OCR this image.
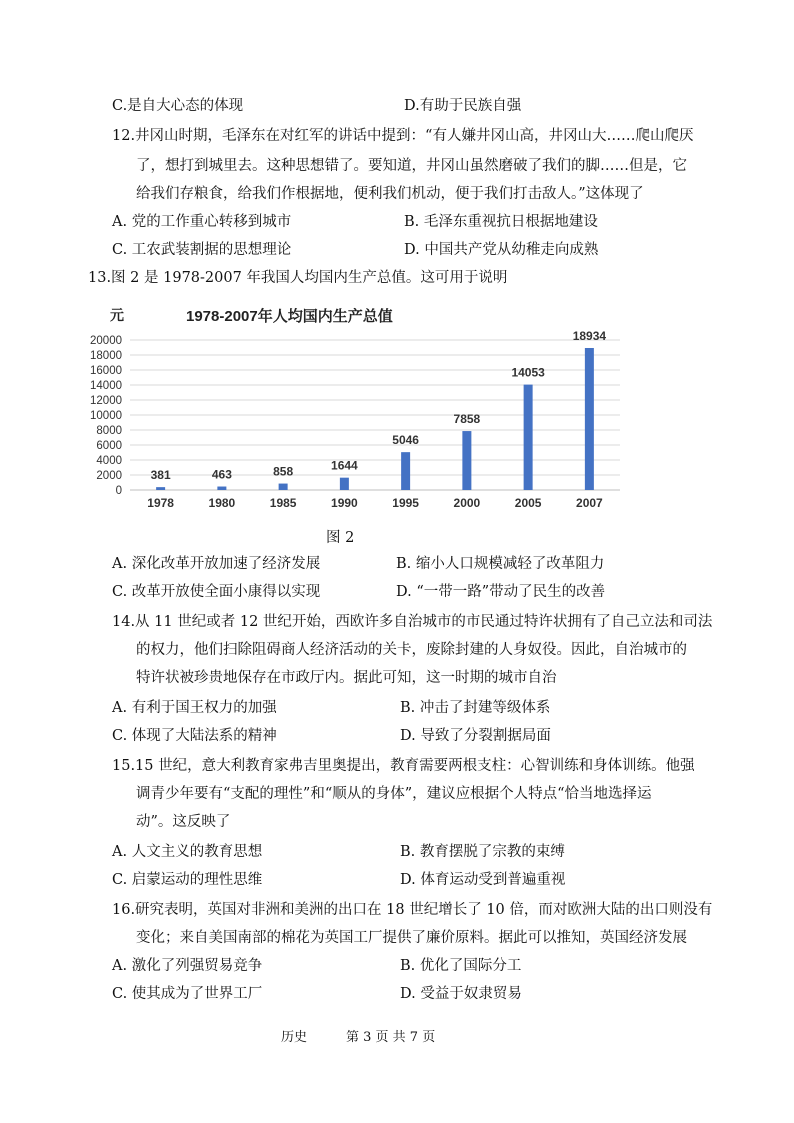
C.是自大心态的体现	D.有助于民族自强
12.井冈山时期，毛泽东在对红军的讲话中提到：“有人嫌井冈山高，井冈山大……爬山爬厌
了，想打到城里去。这种思想错了。要知道，井冈山虽然磨破了我们的脚……但是，它
给我们存粮食，给我们作根据地，便利我们机动，便于我们打击敌人。”这体现了
A. 党的工作重心转移到城市	B. 毛泽东重视抗日根据地建设
C. 工农武装割据的思想理论	D. 中国共产党从幼稚走向成熟
13.图 2 是 1978-2007 年我国人均国内生产总值。这可用于说明
元	1978-2007年人均国内生产总值
0
2000
4000
6000
8000
10000
12000
14000
16000
18000
20000
381
1978
463
1980
858
1985
1644
1990
5046
1995
7858
2000
14053
2005
18934
2007
图 2
A. 深化改革开放加速了经济发展	B. 缩小人口规模减轻了改革阻力
C. 改革开放使全面小康得以实现	D. “一带一路”带动了民生的改善
14.从 11 世纪或者 12 世纪开始，西欧许多自治城市的市民通过特许状拥有了自己立法和司法
的权力，他们扫除阻碍商人经济活动的关卡，废除封建的人身奴役。因此，自治城市的
特许状被珍贵地保存在市政厅内。据此可知，这一时期的城市自治
A. 有利于国王权力的加强	B. 冲击了封建等级体系
C. 体现了大陆法系的精神	D. 导致了分裂割据局面
15.15 世纪，意大利教育家弗吉里奥提出，教育需要两根支柱：心智训练和身体训练。他强
调青少年要有“支配的理性”和“顺从的身体”，建议应根据个人特点“恰当地选择运
动”。这反映了
A. 人文主义的教育思想	B. 教育摆脱了宗教的束缚
C. 启蒙运动的理性思维	D. 体育运动受到普遍重视
16.研究表明，英国对非洲和美洲的出口在 18 世纪增长了 10 倍，而对欧洲大陆的出口则没有
变化；来自美国南部的棉花为英国工厂提供了廉价原料。据此可以推知，英国经济发展
A. 激化了列强贸易竞争	B. 优化了国际分工
C. 使其成为了世界工厂	D. 受益于奴隶贸易
历史	第 3 页 共 7 页
